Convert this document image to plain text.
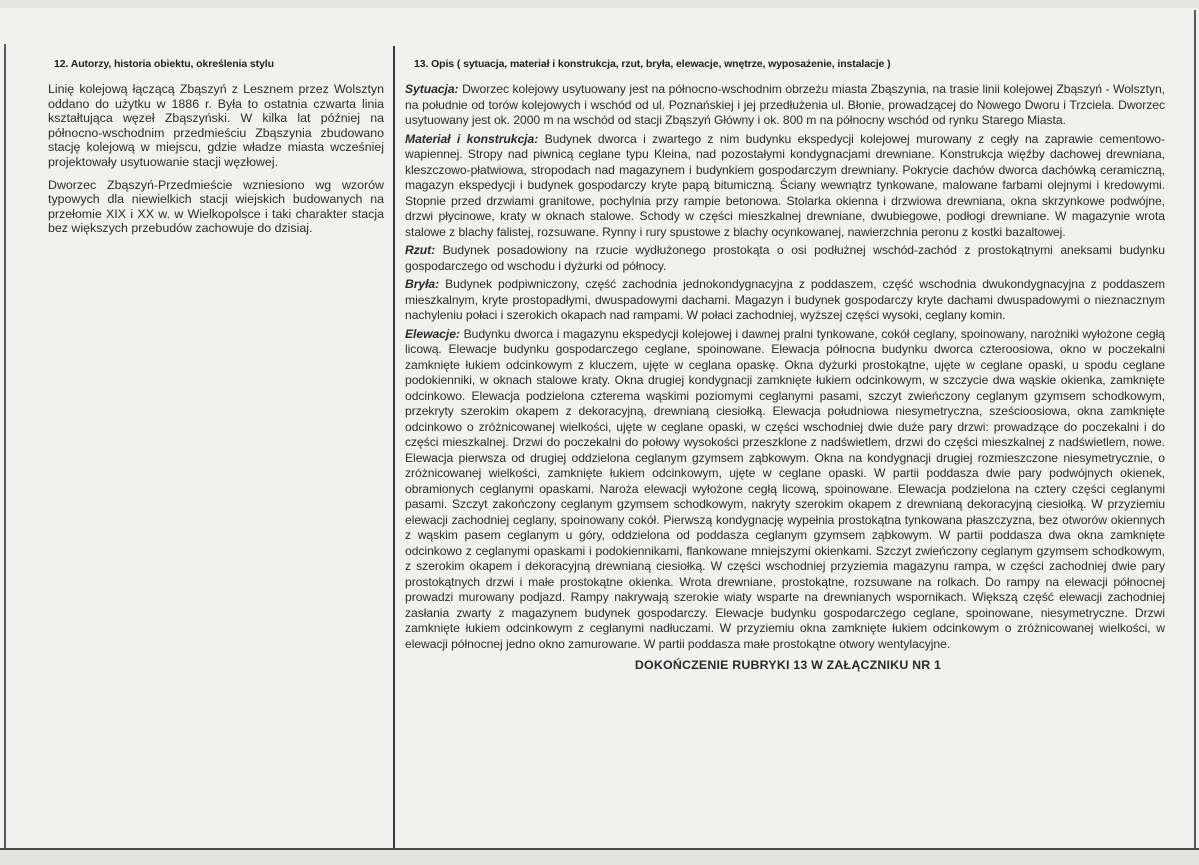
12. Autorzy, historia obiektu, określenia stylu

Linię kolejową łączącą Zbąszyń z Lesznem przez Wolsztyn oddano do użytku w 1886 r. Była to ostatnia czwarta linia kształtująca węzeł Zbąszyński. W kilka lat później na północno-wschodnim przedmieściu Zbąszynia zbudowano stację kolejową w miejscu, gdzie władze miasta wcześniej projektowały usytuowanie stacji węzłowej.

Dworzec Zbąszyń-Przedmieście wzniesiono wg wzorów typowych dla niewielkich stacji wiejskich budowanych na przełomie XIX i XX w. w Wielkopolsce i taki charakter stacja bez większych przebudów zachowuje do dzisiaj.

13. Opis ( sytuacja, materiał i konstrukcja, rzut, bryła, elewacje, wnętrze, wyposażenie, instalacje )

Sytuacja: Dworzec kolejowy usytuowany jest na północno-wschodnim obrzeżu miasta Zbąszynia, na trasie linii kolejowej Zbąszyń - Wolsztyn, na południe od torów kolejowych i wschód od ul. Poznańskiej i jej przedłużenia ul. Błonie, prowadzącej do Nowego Dworu i Trzciela. Dworzec usytuowany jest ok. 2000 m na wschód od stacji Zbąszyń Główny i ok. 800 m na północny wschód od rynku Starego Miasta.

Materiał i konstrukcja: Budynek dworca i zwartego z nim budynku ekspedycji kolejowej murowany z cegły na zaprawie cementowo-wapiennej. Stropy nad piwnicą ceglane typu Kleina, nad pozostałymi kondygnacjami drewniane. Konstrukcja więźby dachowej drewniana, kleszczowo-płatwiowa, stropodach nad magazynem i budynkiem gospodarczym drewniany. Pokrycie dachów dworca dachówką ceramiczną, magazyn ekspedycji i budynek gospodarczy kryte papą bitumiczną. Ściany wewnątrz tynkowane, malowane farbami olejnymi i kredowymi. Stopnie przed drzwiami granitowe, pochylnia przy rampie betonowa. Stolarka okienna i drzwiowa drewniana, okna skrzynkowe podwójne, drzwi płycinowe, kraty w oknach stalowe. Schody w części mieszkalnej drewniane, dwubiegowe, podłogi drewniane. W magazynie wrota stalowe z blachy falistej, rozsuwane. Rynny i rury spustowe z blachy ocynkowanej, nawierzchnia peronu z kostki bazaltowej.

Rzut: Budynek posadowiony na rzucie wydłużonego prostokąta o osi podłużnej wschód-zachód z prostokątnymi aneksami budynku gospodarczego od wschodu i dyżurki od północy.

Bryła: Budynek podpiwniczony, część zachodnia jednokondygnacyjna z poddaszem, część wschodnia dwukondygnacyjna z poddaszem mieszkalnym, kryte prostopadłymi, dwuspadowymi dachami. Magazyn i budynek gospodarczy kryte dachami dwuspadowymi o nieznacznym nachyleniu połaci i szerokich okapach nad rampami. W połaci zachodniej, wyższej części wysoki, ceglany komin.

Elewacje: Budynku dworca i magazynu ekspedycji kolejowej i dawnej pralni tynkowane, cokół ceglany, spoinowany, narożniki wyłożone cegłą licową. Elewacje budynku gospodarczego ceglane, spoinowane. Elewacja północna budynku dworca czteroosiowa, okno w poczekalni zamknięte łukiem odcinkowym z kluczem, ujęte w ceglana opaskę. Okna dyżurki prostokątne, ujęte w ceglane opaski, u spodu ceglane podokienniki, w oknach stalowe kraty. Okna drugiej kondygnacji zamknięte łukiem odcinkowym, w szczycie dwa wąskie okienka, zamknięte odcinkowo. Elewacja podzielona czterema wąskimi poziomymi ceglanymi pasami, szczyt zwieńczony ceglanym gzymsem schodkowym, przekryty szerokim okapem z dekoracyjną, drewnianą ciesiołką. Elewacja południowa niesymetryczna, sześcioosiowa, okna zamknięte odcinkowo o zróżnicowanej wielkości, ujęte w ceglane opaski, w części wschodniej dwie duże pary drzwi: prowadzące do poczekalni i do części mieszkalnej. Drzwi do poczekalni do połowy wysokości przeszklone z nadświetlem, drzwi do części mieszkalnej z nadświetlem, nowe. Elewacja pierwsza od drugiej oddzielona ceglanym gzymsem ząbkowym. Okna na kondygnacji drugiej rozmieszczone niesymetrycznie, o zróżnicowanej wielkości, zamknięte łukiem odcinkowym, ujęte w ceglane opaski. W partii poddasza dwie pary podwójnych okienek, obramionych ceglanymi opaskami. Naroża elewacji wyłożone cegłą licową, spoinowane. Elewacja podzielona na cztery części ceglanymi pasami. Szczyt zakończony ceglanym gzymsem schodkowym, nakryty szerokim okapem z drewnianą dekoracyjną ciesiołką. W przyziemiu elewacji zachodniej ceglany, spoinowany cokół. Pierwszą kondygnację wypełnia prostokątna tynkowana płaszczyzna, bez otworów okiennych z wąskim pasem ceglanym u góry, oddzielona od poddasza ceglanym gzymsem ząbkowym. W partii poddasza dwa okna zamknięte odcinkowo z ceglanymi opaskami i podokiennikami, flankowane mniejszymi okienkami. Szczyt zwieńczony ceglanym gzymsem schodkowym, z szerokim okapem i dekoracyjną drewnianą ciesiołką. W części wschodniej przyziemia magazynu rampa, w części zachodniej dwie pary prostokątnych drzwi i małe prostokątne okienka. Wrota drewniane, prostokątne, rozsuwane na rolkach. Do rampy na elewacji północnej prowadzi murowany podjazd. Rampy nakrywają szerokie wiaty wsparte na drewnianych wspornikach. Większą część elewacji zachodniej zasłania zwarty z magazynem budynek gospodarczy. Elewacje budynku gospodarczego ceglane, spoinowane, niesymetryczne. Drzwi zamknięte łukiem odcinkowym z ceglanymi nadłuczami. W przyziemiu okna zamknięte łukiem odcinkowym o zróżnicowanej wielkości, w elewacji północnej jedno okno zamurowane. W partii poddasza małe prostokątne otwory wentylacyjne.

DOKOŃCZENIE RUBRYKI 13 W ZAŁĄCZNIKU NR 1
